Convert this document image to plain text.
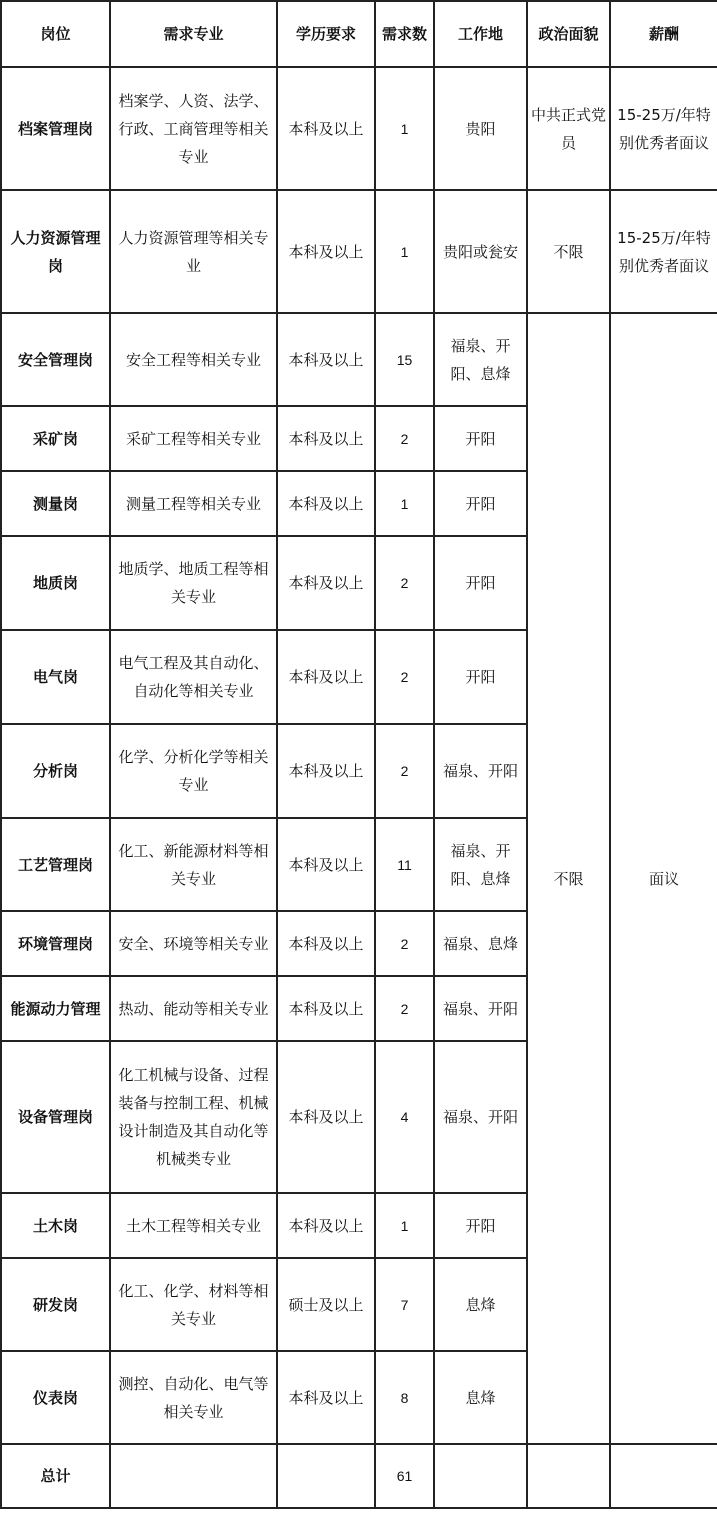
岗位	需求专业	学历要求	需求数	工作地	政治面貌	薪酬
档案管理岗	档案学、人资、法学、行政、工商管理等相关专业	本科及以上	1	贵阳	中共正式党员	15-25万/年特别优秀者面议
人力资源管理岗	人力资源管理等相关专业	本科及以上	1	贵阳或瓮安	不限	15-25万/年特别优秀者面议
安全管理岗	安全工程等相关专业	本科及以上	15	福泉、开阳、息烽	不限	面议
采矿岗	采矿工程等相关专业	本科及以上	2	开阳		
测量岗	测量工程等相关专业	本科及以上	1	开阳		
地质岗	地质学、地质工程等相关专业	本科及以上	2	开阳		
电气岗	电气工程及其自动化、自动化等相关专业	本科及以上	2	开阳		
分析岗	化学、分析化学等相关专业	本科及以上	2	福泉、开阳		
工艺管理岗	化工、新能源材料等相关专业	本科及以上	11	福泉、开阳、息烽		
环境管理岗	安全、环境等相关专业	本科及以上	2	福泉、息烽		
能源动力管理	热动、能动等相关专业	本科及以上	2	福泉、开阳		
设备管理岗	化工机械与设备、过程装备与控制工程、机械设计制造及其自动化等机械类专业	本科及以上	4	福泉、开阳		
土木岗	土木工程等相关专业	本科及以上	1	开阳		
研发岗	化工、化学、材料等相关专业	硕士及以上	7	息烽		
仪表岗	测控、自动化、电气等相关专业	本科及以上	8	息烽		
总计			61			
